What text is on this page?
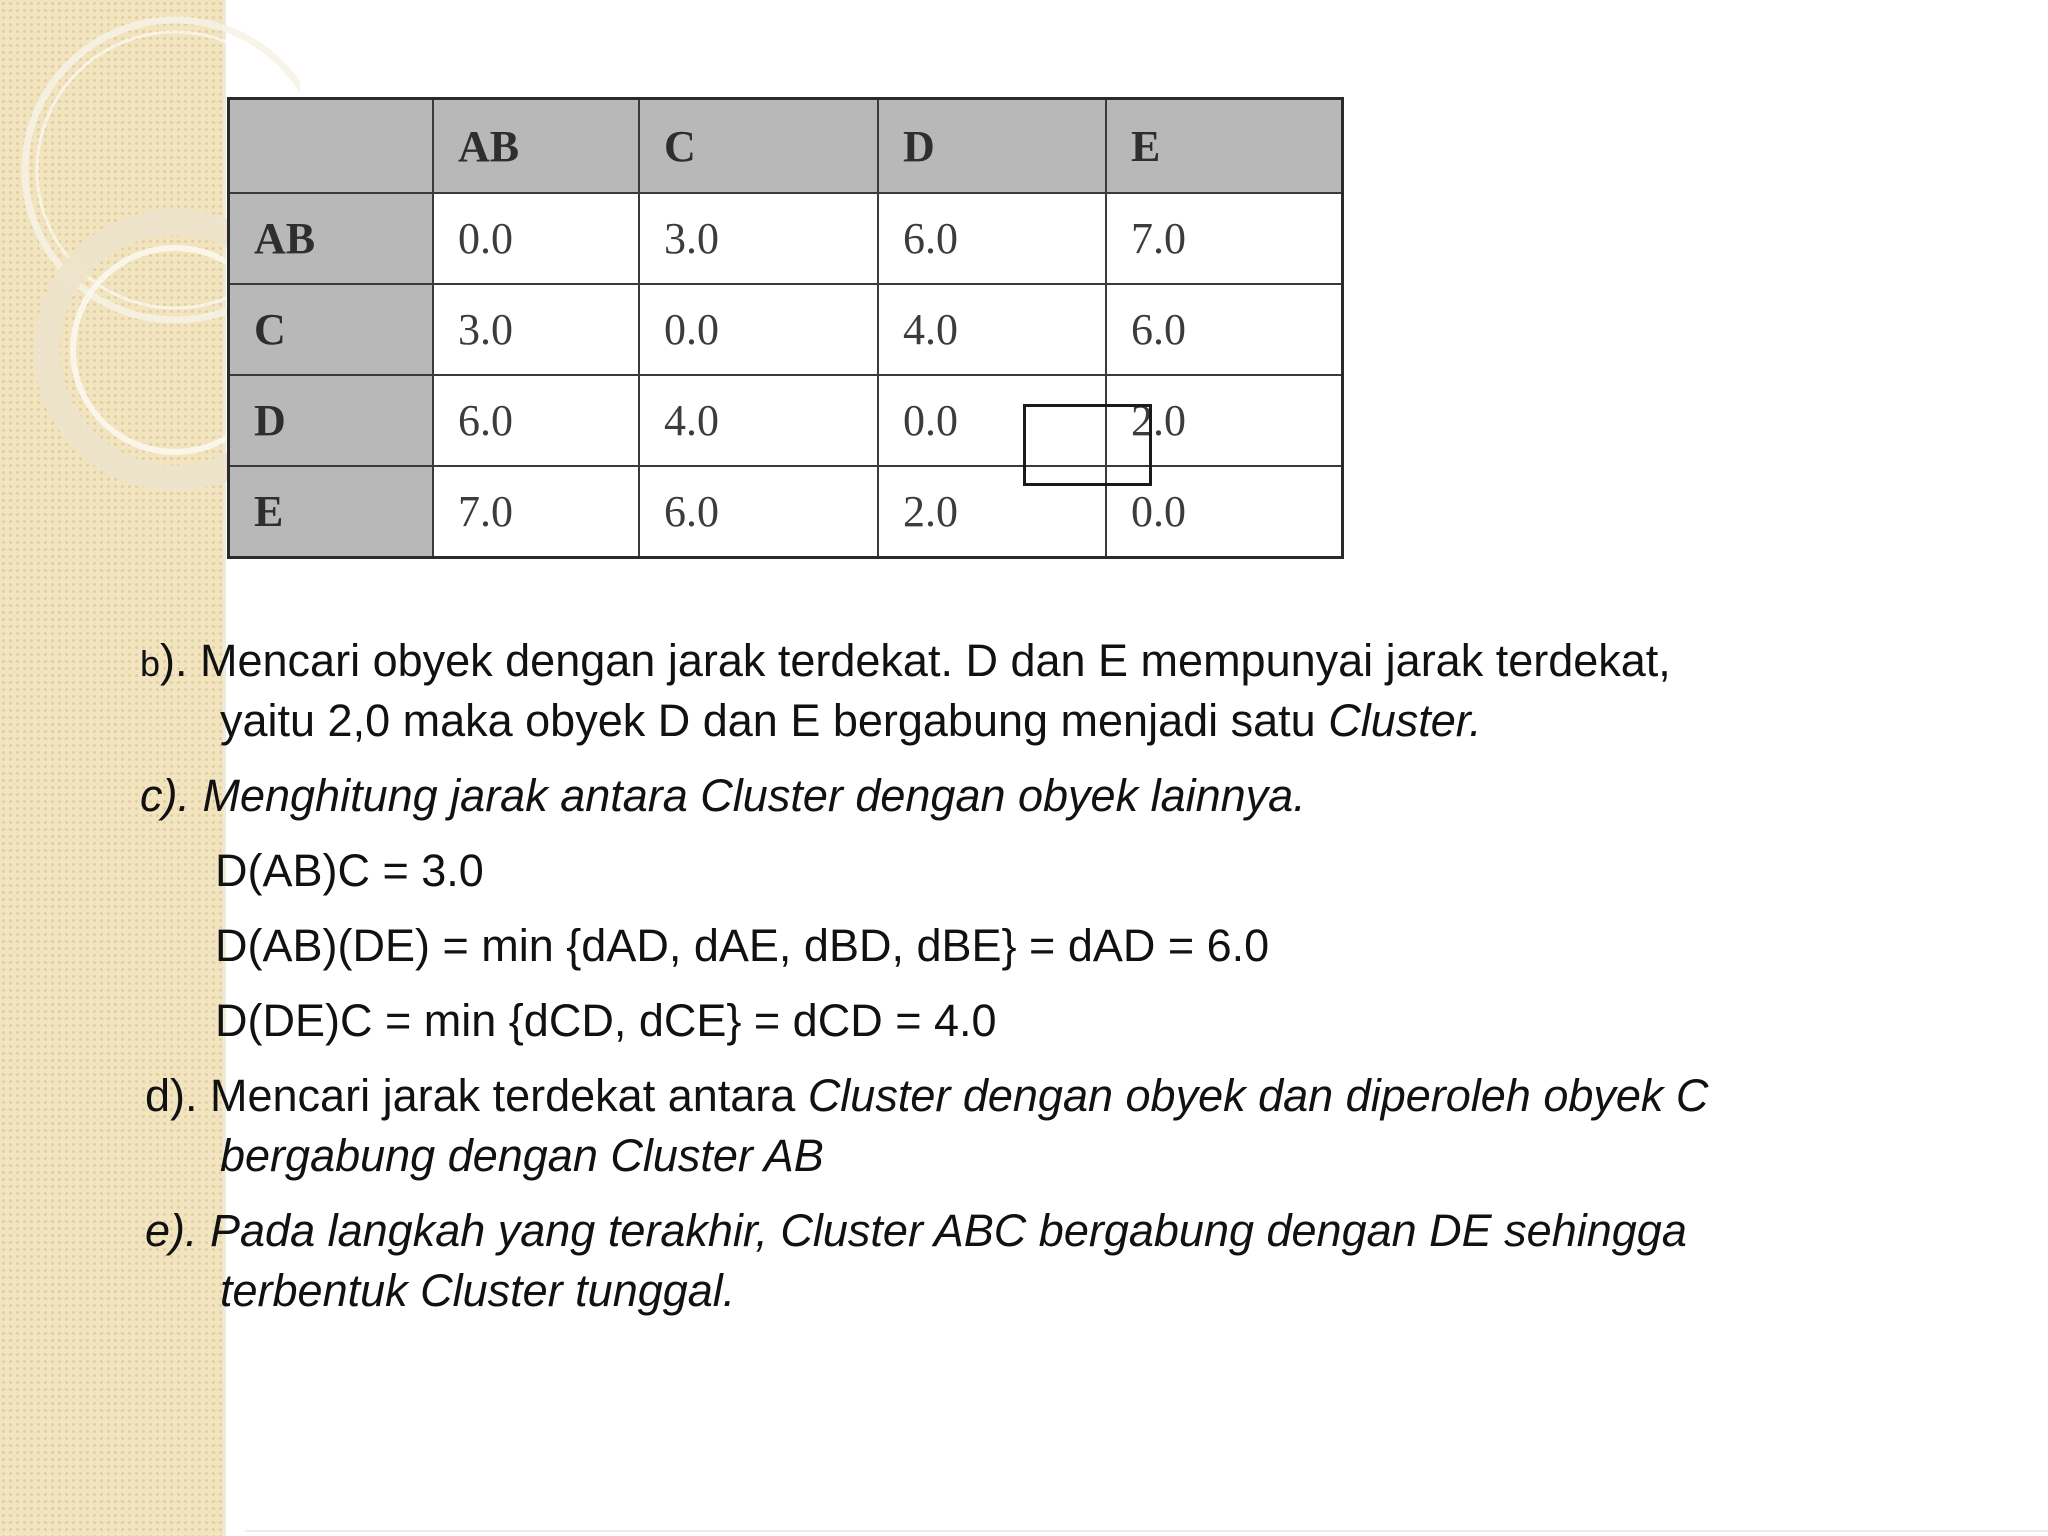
	AB	C	D	E
AB	0.0	3.0	6.0	7.0
C	3.0	0.0	4.0	6.0
D	6.0	4.0	0.0	2.0
E	7.0	6.0	2.0	0.0
b). Mencari obyek dengan jarak terdekat. D dan E mempunyai jarak terdekat,
yaitu 2,0 maka obyek D dan E bergabung menjadi satu Cluster.
c). Menghitung jarak antara Cluster dengan obyek lainnya.
D(AB)C = 3.0
D(AB)(DE) = min {dAD, dAE, dBD, dBE} = dAD = 6.0
D(DE)C = min {dCD, dCE} = dCD = 4.0
d). Mencari jarak terdekat antara Cluster dengan obyek dan diperoleh obyek C
bergabung dengan Cluster AB
e). Pada langkah yang terakhir, Cluster ABC bergabung dengan DE sehingga
terbentuk Cluster tunggal.
